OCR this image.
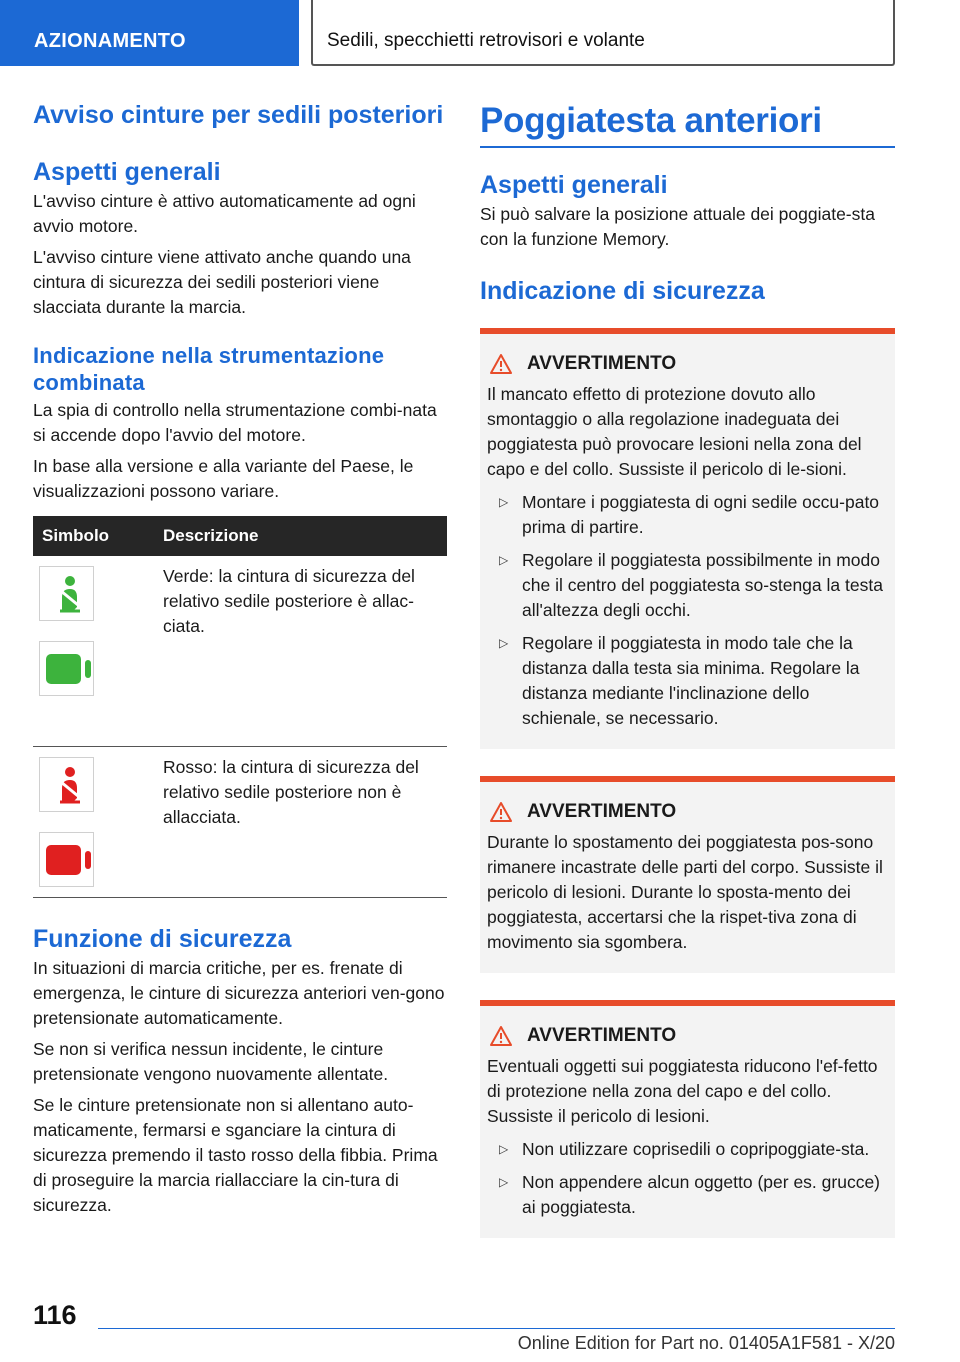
AZIONAMENTO	Sedili, specchietti retrovisori e volante
Avviso cinture per sedili posteriori
Aspetti generali

L'avviso cinture è attivo automaticamente ad ogni avvio motore.

L'avviso cinture viene attivato anche quando una cintura di sicurezza dei sedili posteriori viene slacciata durante la marcia.

Indicazione nella strumentazione combinata

La spia di controllo nella strumentazione combi-nata si accende dopo l'avvio del motore.

In base alla versione e alla variante del Paese, le visualizzazioni possono variare.

Simbolo	Descrizione

	Verde: la cintura di sicurezza del relativo sedile posteriore è allac-ciata.

	Rosso: la cintura di sicurezza del relativo sedile posteriore non è allacciata.
Funzione di sicurezza

In situazioni di marcia critiche, per es. frenate di emergenza, le cinture di sicurezza anteriori ven-gono pretensionate automaticamente.

Se non si verifica nessun incidente, le cinture pretensionate vengono nuovamente allentate.

Se le cinture pretensionate non si allentano auto-maticamente, fermarsi e sganciare la cintura di sicurezza premendo il tasto rosso della fibbia. Prima di proseguire la marcia riallacciare la cin-tura di sicurezza.

Poggiatesta anteriori
Aspetti generali

Si può salvare la posizione attuale dei poggiate-sta con la funzione Memory.

Indicazione di sicurezza
AVVERTIMENTO

Il mancato effetto di protezione dovuto allo smontaggio o alla regolazione inadeguata dei poggiatesta può provocare lesioni nella zona del capo e del collo. Sussiste il pericolo di le-sioni.

▷ Montare i poggiatesta di ogni sedile occu-pato prima di partire.
▷ Regolare il poggiatesta possibilmente in modo che il centro del poggiatesta so-stenga la testa all'altezza degli occhi.
▷ Regolare il poggiatesta in modo tale che la distanza dalla testa sia minima. Regolare la distanza mediante l'inclinazione dello schienale, se necessario.
AVVERTIMENTO

Durante lo spostamento dei poggiatesta pos-sono rimanere incastrate delle parti del corpo. Sussiste il pericolo di lesioni. Durante lo sposta-mento dei poggiatesta, accertarsi che la rispet-tiva zona di movimento sia sgombera.

AVVERTIMENTO

Eventuali oggetti sui poggiatesta riducono l'ef-fetto di protezione nella zona del capo e del collo. Sussiste il pericolo di lesioni.

▷ Non utilizzare coprisedili o copripoggiate-sta.
▷ Non appendere alcun oggetto (per es. grucce) ai poggiatesta.
116
Online Edition for Part no. 01405A1F581 - X/20
